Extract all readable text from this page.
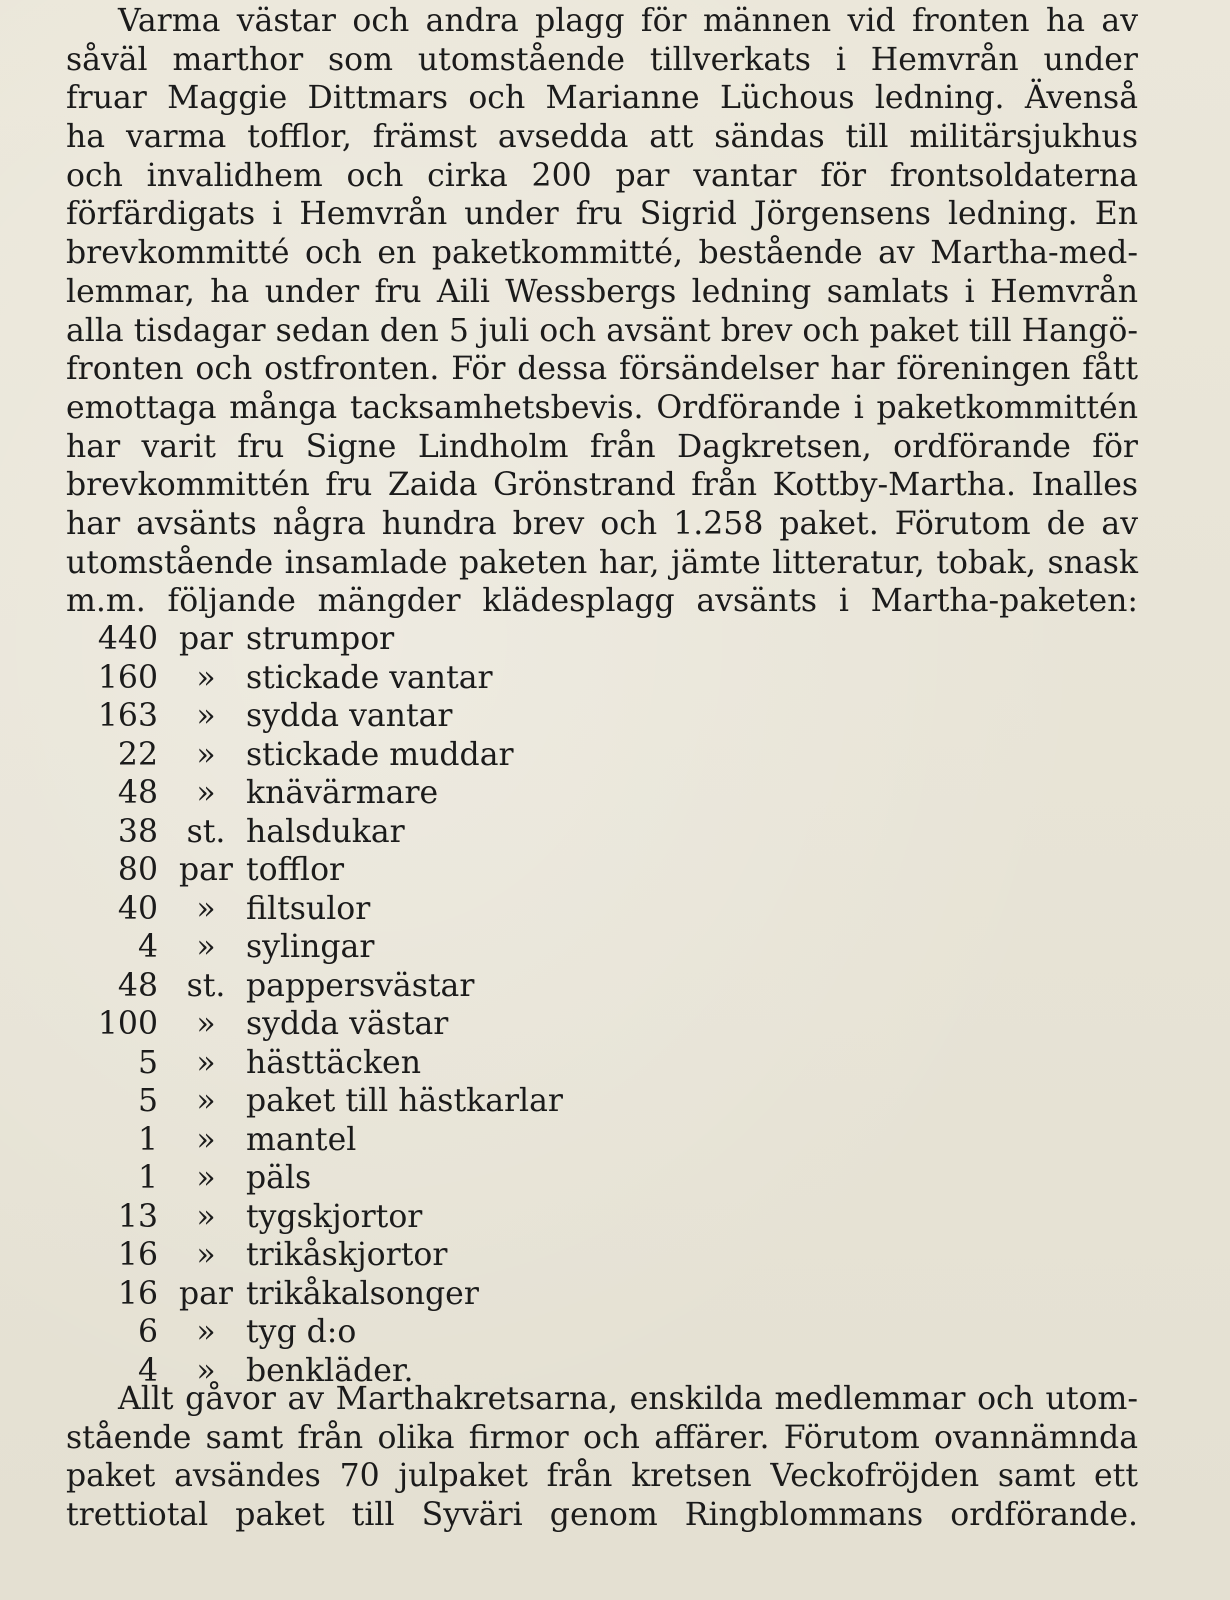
Varma västar och andra plagg för männen vid fronten ha av
såväl marthor som utomstående tillverkats i Hemvrån under
fruar Maggie Dittmars och Marianne Lüchous ledning. Ävenså
ha varma tofflor, främst avsedda att sändas till militärsjukhus
och invalidhem och cirka 200 par vantar för frontsoldaterna
förfärdigats i Hemvrån under fru Sigrid Jörgensens ledning. En
brevkommitté och en paketkommitté, bestående av Martha-med-
lemmar, ha under fru Aili Wessbergs ledning samlats i Hemvrån
alla tisdagar sedan den 5 juli och avsänt brev och paket till Hangö-
fronten och ostfronten. För dessa försändelser har föreningen fått
emottaga många tacksamhetsbevis. Ordförande i paketkommittén
har varit fru Signe Lindholm från Dagkretsen, ordförande för
brevkommittén fru Zaida Grönstrand från Kottby-Martha. Inalles
har avsänts några hundra brev och 1.258 paket. Förutom de av
utomstående insamlade paketen har, jämte litteratur, tobak, snask
m.m. följande mängder klädesplagg avsänts i Martha-paketen:
440 par strumpor
160	» stickade vantar
163	» sydda vantar
22	» stickade muddar
48	» knävärmare
38 st. halsdukar
80 par tofflor
40	» filtsulor
4	» sylingar
48 st. pappersvästar
100	» sydda västar
5	» hästtäcken
5	» paket till hästkarlar
1	» mantel
1	» päls
13	» tygskjortor
16	» trikåskjortor
16 par trikåkalsonger
6	» tyg d:o
4	» benkläder.
Allt gåvor av Marthakretsarna, enskilda medlemmar och utom-
stående samt från olika firmor och affärer. Förutom ovannämnda
paket avsändes 70 julpaket från kretsen Veckofröjden samt ett
trettiotal paket till Syväri genom Ringblommans ordförande.
